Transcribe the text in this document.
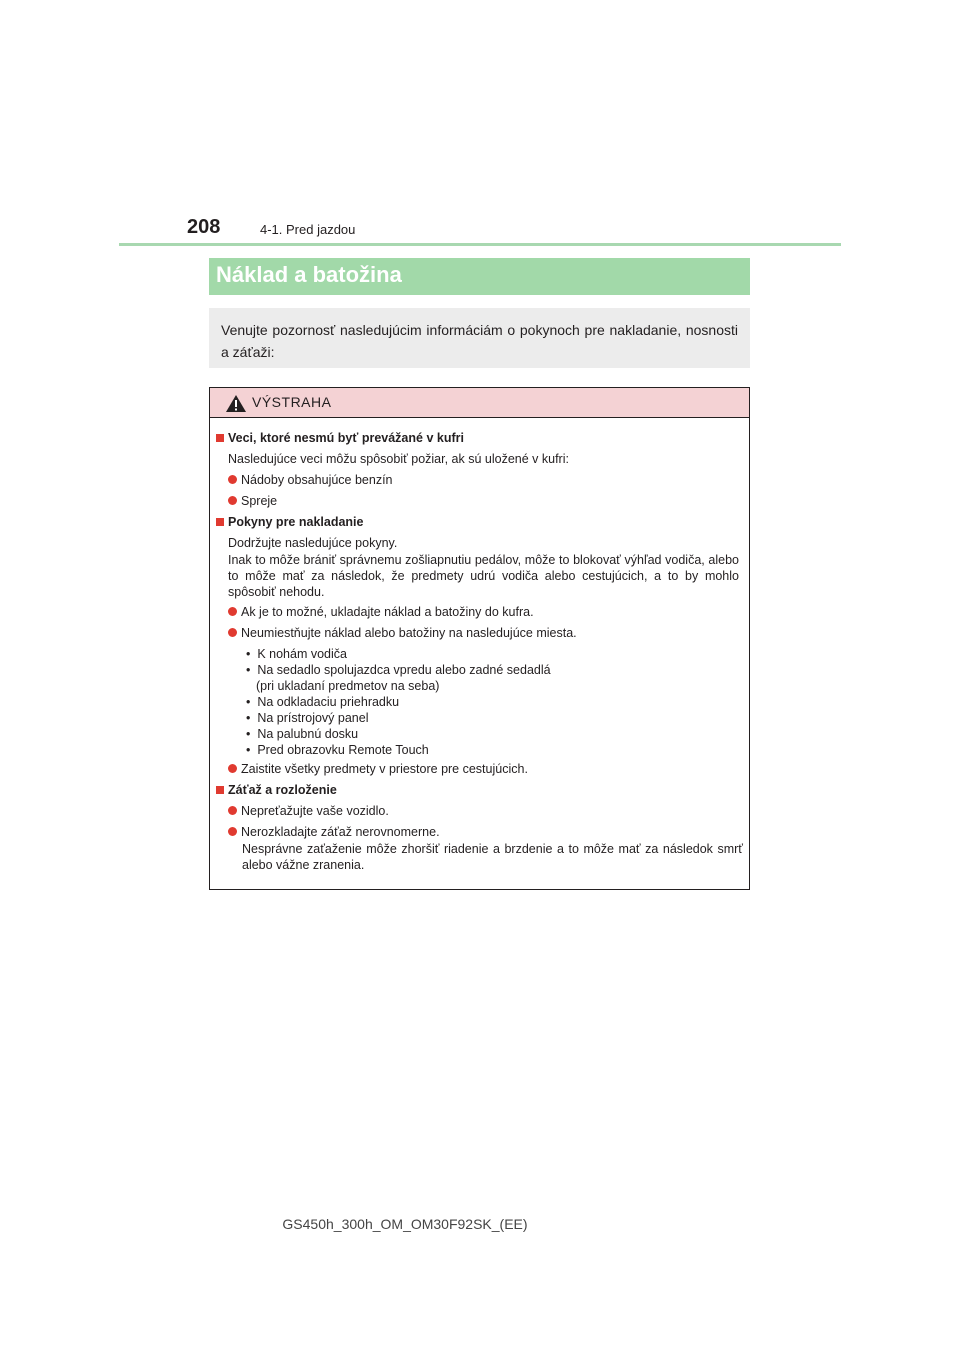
208	4-1. Pred jazdou
Náklad a batožina
Venujte pozornosť nasledujúcim informáciám o pokynoch pre nakladanie, nosnosti a záťaži:
VÝSTRAHA
Veci, ktoré nesmú byť prevážané v kufri
Nasledujúce veci môžu spôsobiť požiar, ak sú uložené v kufri:
Nádoby obsahujúce benzín
Spreje
Pokyny pre nakladanie
Dodržujte nasledujúce pokyny.
Inak to môže brániť správnemu zošliapnutiu pedálov, môže to blokovať výhľad vodiča, alebo to môže mať za následok, že predmety udrú vodiča alebo cestujúcich, a to by mohlo spôsobiť nehodu.
Ak je to možné, ukladajte náklad a batožiny do kufra.
Neumiestňujte náklad alebo batožiny na nasledujúce miesta.
•  K nohám vodiča
•  Na sedadlo spolujazdca vpredu alebo zadné sedadlá
(pri ukladaní predmetov na seba)
•  Na odkladaciu priehradku
•  Na prístrojový panel
•  Na palubnú dosku
•  Pred obrazovku Remote Touch
Zaistite všetky predmety v priestore pre cestujúcich.
Záťaž a rozloženie
Nepreťažujte vaše vozidlo.
Nerozkladajte záťaž nerovnomerne.
Nesprávne zaťaženie môže zhoršiť riadenie a brzdenie a to môže mať za následok smrť alebo vážne zranenia.
GS450h_300h_OM_OM30F92SK_(EE)
